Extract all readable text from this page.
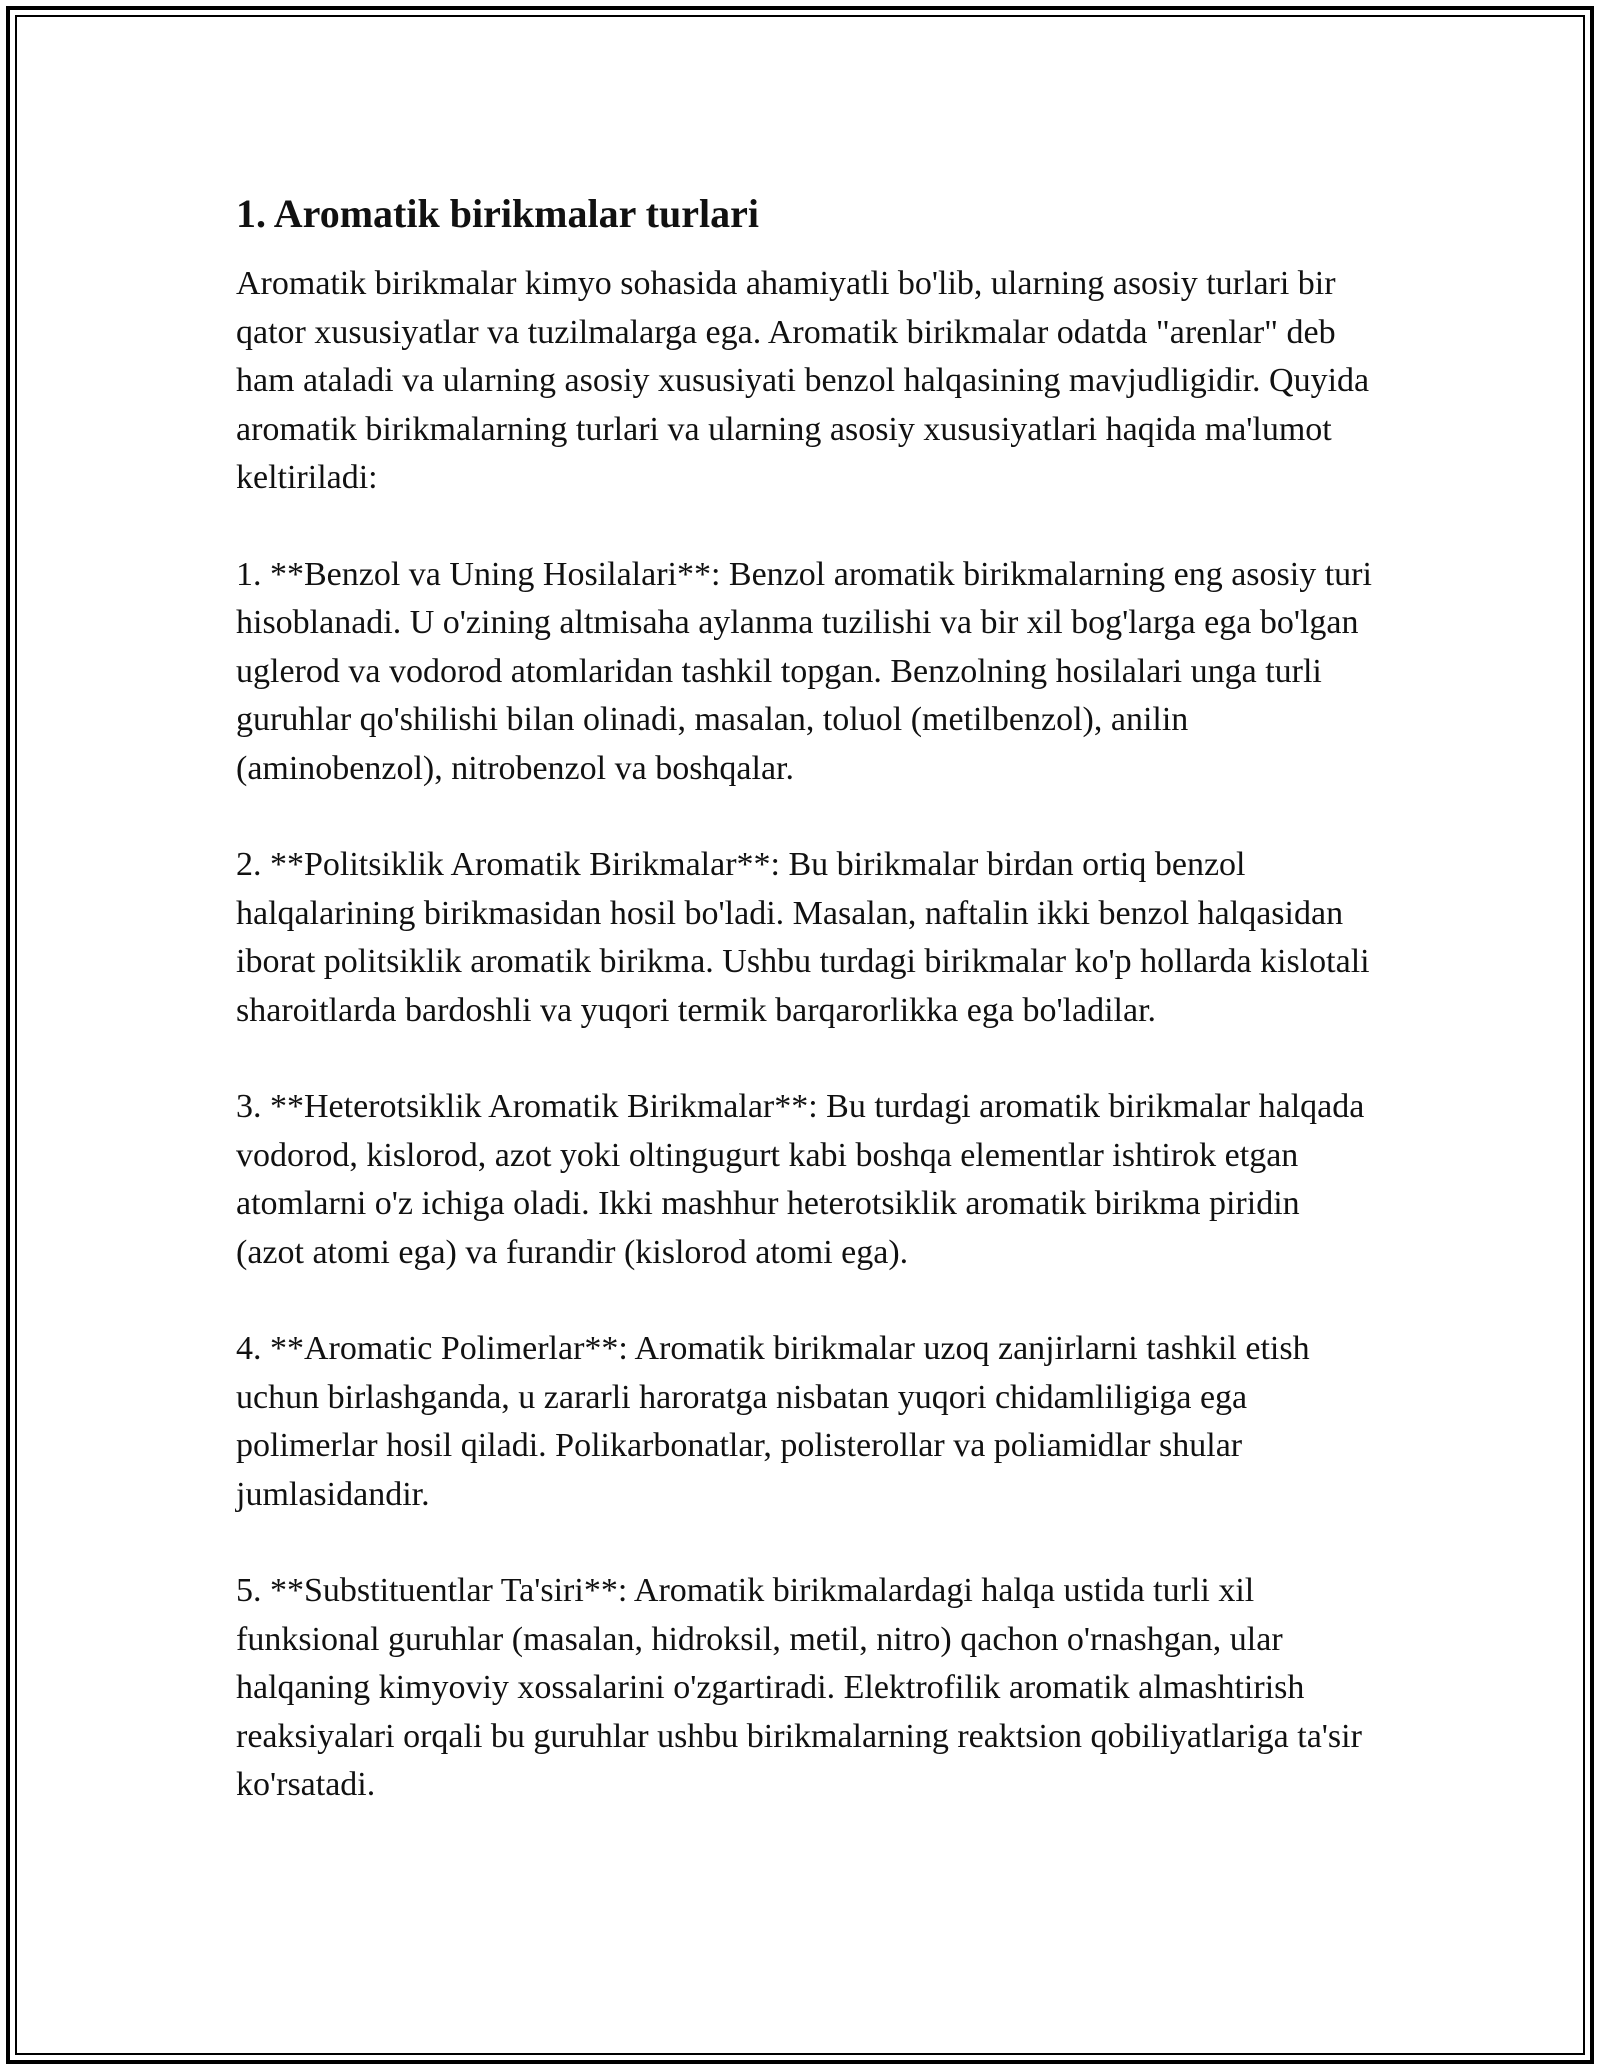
1. Aromatik birikmalar turlari

Aromatik birikmalar kimyo sohasida ahamiyatli bo'lib, ularning asosiy turlari bir qator xususiyatlar va tuzilmalarga ega. Aromatik birikmalar odatda "arenlar" deb ham ataladi va ularning asosiy xususiyati benzol halqasining mavjudligidir. Quyida aromatik birikmalarning turlari va ularning asosiy xususiyatlari haqida ma'lumot keltiriladi:

1. **Benzol va Uning Hosilalari**: Benzol aromatik birikmalarning eng asosiy turi hisoblanadi. U o'zining altmisaha aylanma tuzilishi va bir xil bog'larga ega bo'lgan uglerod va vodorod atomlaridan tashkil topgan. Benzolning hosilalari unga turli guruhlar qo'shilishi bilan olinadi, masalan, toluol (metilbenzol), anilin (aminobenzol), nitrobenzol va boshqalar.

2. **Politsiklik Aromatik Birikmalar**: Bu birikmalar birdan ortiq benzol halqalarining birikmasidan hosil bo'ladi. Masalan, naftalin ikki benzol halqasidan iborat politsiklik aromatik birikma. Ushbu turdagi birikmalar ko'p hollarda kislotali sharoitlarda bardoshli va yuqori termik barqarorlikka ega bo'ladilar.

3. **Heterotsiklik Aromatik Birikmalar**: Bu turdagi aromatik birikmalar halqada vodorod, kislorod, azot yoki oltingugurt kabi boshqa elementlar ishtirok etgan atomlarni o'z ichiga oladi. Ikki mashhur heterotsiklik aromatik birikma piridin (azot atomi ega) va furandir (kislorod atomi ega).

4. **Aromatic Polimerlar**: Aromatik birikmalar uzoq zanjirlarni tashkil etish uchun birlashganda, u zararli haroratga nisbatan yuqori chidamliligiga ega polimerlar hosil qiladi. Polikarbonatlar, polisterollar va poliamidlar shular jumlasidandir.

5. **Substituentlar Ta'siri**: Aromatik birikmalardagi halqa ustida turli xil funksional guruhlar (masalan, hidroksil, metil, nitro) qachon o'rnashgan, ular halqaning kimyoviy xossalarini o'zgartiradi. Elektrofilik aromatik almashtirish reaksiyalari orqali bu guruhlar ushbu birikmalarning reaktsion qobiliyatlariga ta'sir ko'rsatadi.
